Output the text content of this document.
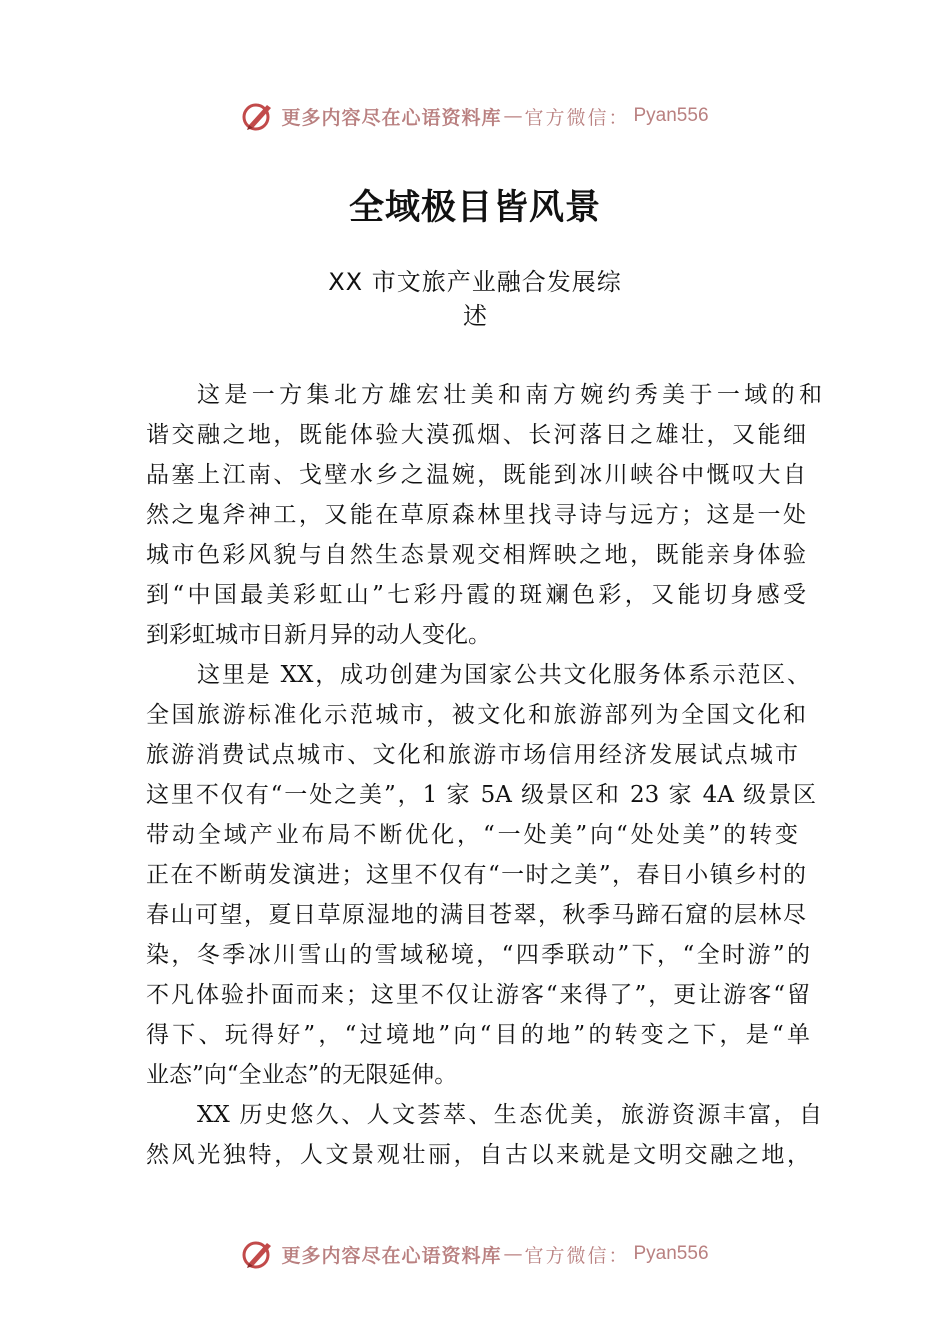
更多内容尽在心语资料库 — 官方微信： Pyan556
全域极目皆风景
XX 市文旅产业融合发展综
述
这是一方集北方雄宏壮美和南方婉约秀美于一域的和
谐交融之地，既能体验大漠孤烟、长河落日之雄壮，又能细
品塞上江南、戈壁水乡之温婉，既能到冰川峡谷中慨叹大自
然之鬼斧神工，又能在草原森林里找寻诗与远方；这是一处
城市色彩风貌与自然生态景观交相辉映之地，既能亲身体验
到“中国最美彩虹山”七彩丹霞的斑斓色彩，又能切身感受
到彩虹城市日新月异的动人变化。
这里是 XX，成功创建为国家公共文化服务体系示范区、
全国旅游标准化示范城市，被文化和旅游部列为全国文化和
旅游消费试点城市、文化和旅游市场信用经济发展试点城市
这里不仅有“一处之美”，1 家 5A 级景区和 23 家 4A 级景区
带动全域产业布局不断优化，“一处美”向“处处美”的转变
正在不断萌发演进；这里不仅有“一时之美”，春日小镇乡村的
春山可望，夏日草原湿地的满目苍翠，秋季马蹄石窟的层林尽
染，冬季冰川雪山的雪域秘境，“四季联动”下，“全时游”的
不凡体验扑面而来；这里不仅让游客“来得了”，更让游客“留
得下、玩得好”，“过境地”向“目的地”的转变之下，是“单
业态”向“全业态”的无限延伸。
XX 历史悠久、人文荟萃、生态优美，旅游资源丰富，自
然风光独特，人文景观壮丽，自古以来就是文明交融之地，
更多内容尽在心语资料库 — 官方微信： Pyan556
